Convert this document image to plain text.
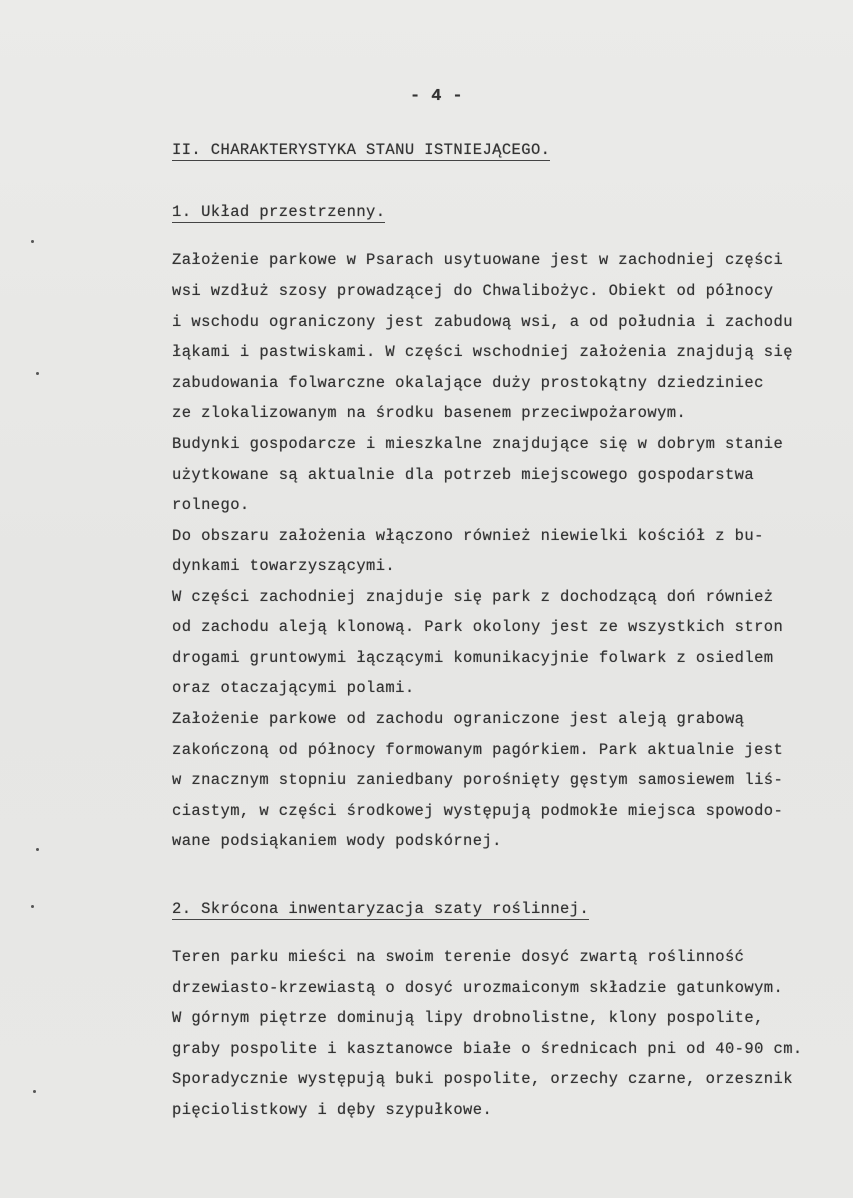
- 4 -
II. CHARAKTERYSTYKA STANU ISTNIEJĄCEGO.
1. Układ przestrzenny.
Założenie parkowe w Psarach usytuowane jest w zachodniej części
wsi wzdłuż szosy prowadzącej do Chwalibożyc. Obiekt od północy
i wschodu ograniczony jest zabudową wsi, a od południa i zachodu
łąkami i pastwiskami. W części wschodniej założenia znajdują się
zabudowania folwarczne okalające duży prostokątny dziedziniec
ze zlokalizowanym na środku basenem przeciwpożarowym.
Budynki gospodarcze i mieszkalne znajdujące się w dobrym stanie
użytkowane są aktualnie dla potrzeb miejscowego gospodarstwa
rolnego.
Do obszaru założenia włączono również niewielki kościół z bu-
dynkami towarzyszącymi.
W części zachodniej znajduje się park z dochodzącą doń również
od zachodu aleją klonową. Park okolony jest ze wszystkich stron
drogami gruntowymi łączącymi komunikacyjnie folwark z osiedlem
oraz otaczającymi polami.
Założenie parkowe od zachodu ograniczone jest aleją grabową
zakończoną od północy formowanym pagórkiem. Park aktualnie jest
w znacznym stopniu zaniedbany porośnięty gęstym samosiewem liś-
ciastym, w części środkowej występują podmokłe miejsca spowodo-
wane podsiąkaniem wody podskórnej.
2. Skrócona inwentaryzacja szaty roślinnej.
Teren parku mieści na swoim terenie dosyć zwartą roślinność
drzewiasto-krzewiastą o dosyć urozmaiconym składzie gatunkowym.
W górnym piętrze dominują lipy drobnolistne, klony pospolite,
graby pospolite i kasztanowce białe o średnicach pni od 40-90 cm.
Sporadycznie występują buki pospolite, orzechy czarne, orzesznik
pięciolistkowy i dęby szypułkowe.
